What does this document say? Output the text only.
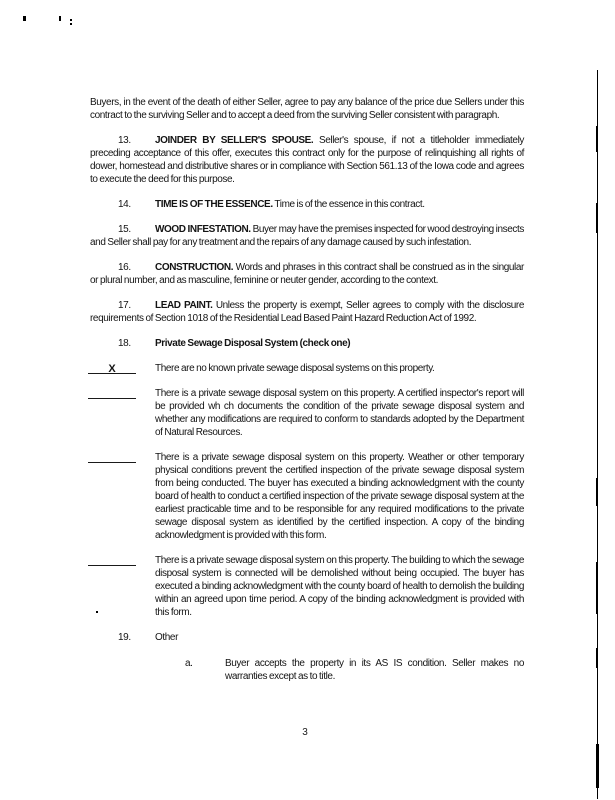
Buyers, in the event of the death of either Seller, agree to pay any balance of the price due Sellers under this contract to the surviving Seller and to accept a deed from the surviving Seller consistent with paragraph.

13. JOINDER BY SELLER'S SPOUSE. Seller's spouse, if not a titleholder immediately preceding acceptance of this offer, executes this contract only for the purpose of relinquishing all rights of dower, homestead and distributive shares or in compliance with Section 561.13 of the Iowa code and agrees to execute the deed for this purpose.

14. TIME IS OF THE ESSENCE. Time is of the essence in this contract.

15. WOOD INFESTATION. Buyer may have the premises inspected for wood destroying insects and Seller shall pay for any treatment and the repairs of any damage caused by such infestation.

16. CONSTRUCTION. Words and phrases in this contract shall be construed as in the singular or plural number, and as masculine, feminine or neuter gender, according to the context.

17. LEAD PAINT. Unless the property is exempt, Seller agrees to comply with the disclosure requirements of Section 1018 of the Residential Lead Based Paint Hazard Reduction Act of 1992.

18. Private Sewage Disposal System (check one)

X	There are no known private sewage disposal systems on this property.

There is a private sewage disposal system on this property. A certified inspector's report will be provided wh ch documents the condition of the private sewage disposal system and whether any modifications are required to conform to standards adopted by the Department of Natural Resources.

There is a private sewage disposal system on this property. Weather or other temporary physical conditions prevent the certified inspection of the private sewage disposal system from being conducted. The buyer has executed a binding acknowledgment with the county board of health to conduct a certified inspection of the private sewage disposal system at the earliest practicable time and to be responsible for any required modifications to the private sewage disposal system as identified by the certified inspection. A copy of the binding acknowledgment is provided with this form.

There is a private sewage disposal system on this property. The building to which the sewage disposal system is connected will be demolished without being occupied. The buyer has executed a binding acknowledgment with the county board of health to demolish the building within an agreed upon time period. A copy of the binding acknowledgment is provided with this form.

19. Other

a.	Buyer accepts the property in its AS IS condition. Seller makes no warranties except as to title.

3
